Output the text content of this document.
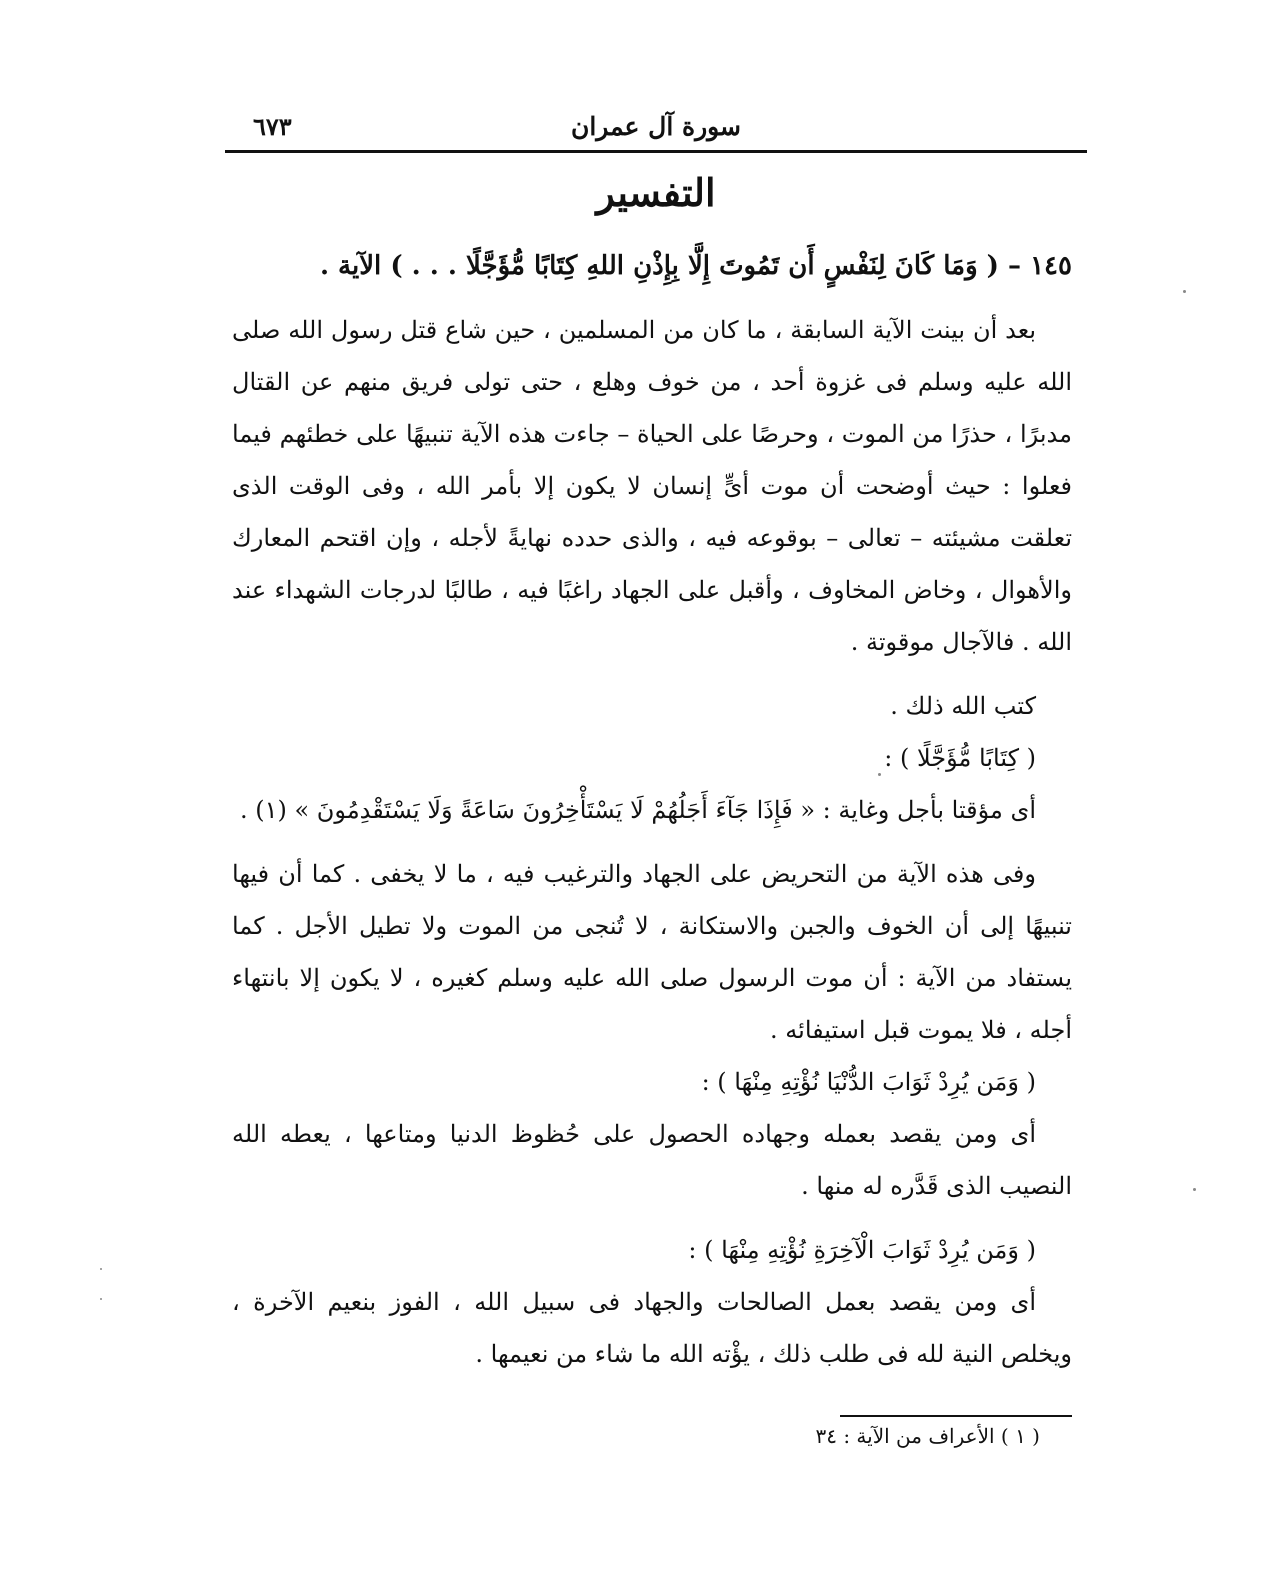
سورة آل عمران
٦٧٣
التفسير

١٤٥ – ( وَمَا كَانَ لِنَفْسٍ أَن تَمُوتَ إِلَّا بِإِذْنِ اللهِ كِتَابًا مُّؤَجَّلًا . . . ) الآية .

بعد أن بينت الآية السابقة ، ما كان من المسلمين ، حين شاع قتل رسول الله صلى الله عليه وسلم فى غزوة أحد ، من خوف وهلع ، حتى تولى فريق منهم عن القتال مدبرًا ، حذرًا من الموت ، وحرصًا على الحياة – جاءت هذه الآية تنبيهًا على خطئهم فيما فعلوا : حيث أوضحت أن موت أىٍّ إنسان لا يكون إلا بأمر الله ، وفى الوقت الذى تعلقت مشيئته – تعالى – بوقوعه فيه ، والذى حدده نهايةً لأجله ، وإن اقتحم المعارك والأهوال ، وخاض المخاوف ، وأقبل على الجهاد راغبًا فيه ، طالبًا لدرجات الشهداء عند الله . فالآجال موقوتة .

كتب الله ذلك .

( كِتَابًا مُّؤَجَّلًا ) :

أى مؤقتا بأجل وغاية : « فَإِذَا جَآءَ أَجَلُهُمْ لَا يَسْتَأْخِرُونَ سَاعَةً وَلَا يَسْتَقْدِمُونَ » (١) .

وفى هذه الآية من التحريض على الجهاد والترغيب فيه ، ما لا يخفى . كما أن فيها تنبيهًا إلى أن الخوف والجبن والاستكانة ، لا تُنجى من الموت ولا تطيل الأجل . كما يستفاد من الآية : أن موت الرسول صلى الله عليه وسلم كغيره ، لا يكون إلا بانتهاء أجله ، فلا يموت قبل استيفائه .

( وَمَن يُرِدْ ثَوَابَ الدُّنْيَا نُؤْتِهِ مِنْهَا ) :

أى ومن يقصد بعمله وجهاده الحصول على حُظوظ الدنيا ومتاعها ، يعطه الله النصيب الذى قَدَّره له منها .

( وَمَن يُرِدْ ثَوَابَ الْآخِرَةِ نُؤْتِهِ مِنْهَا ) :

أى ومن يقصد بعمل الصالحات والجهاد فى سبيل الله ، الفوز بنعيم الآخرة ، ويخلص النية لله فى طلب ذلك ، يؤْته الله ما شاء من نعيمها .

( ١ ) الأعراف من الآية : ٣٤
